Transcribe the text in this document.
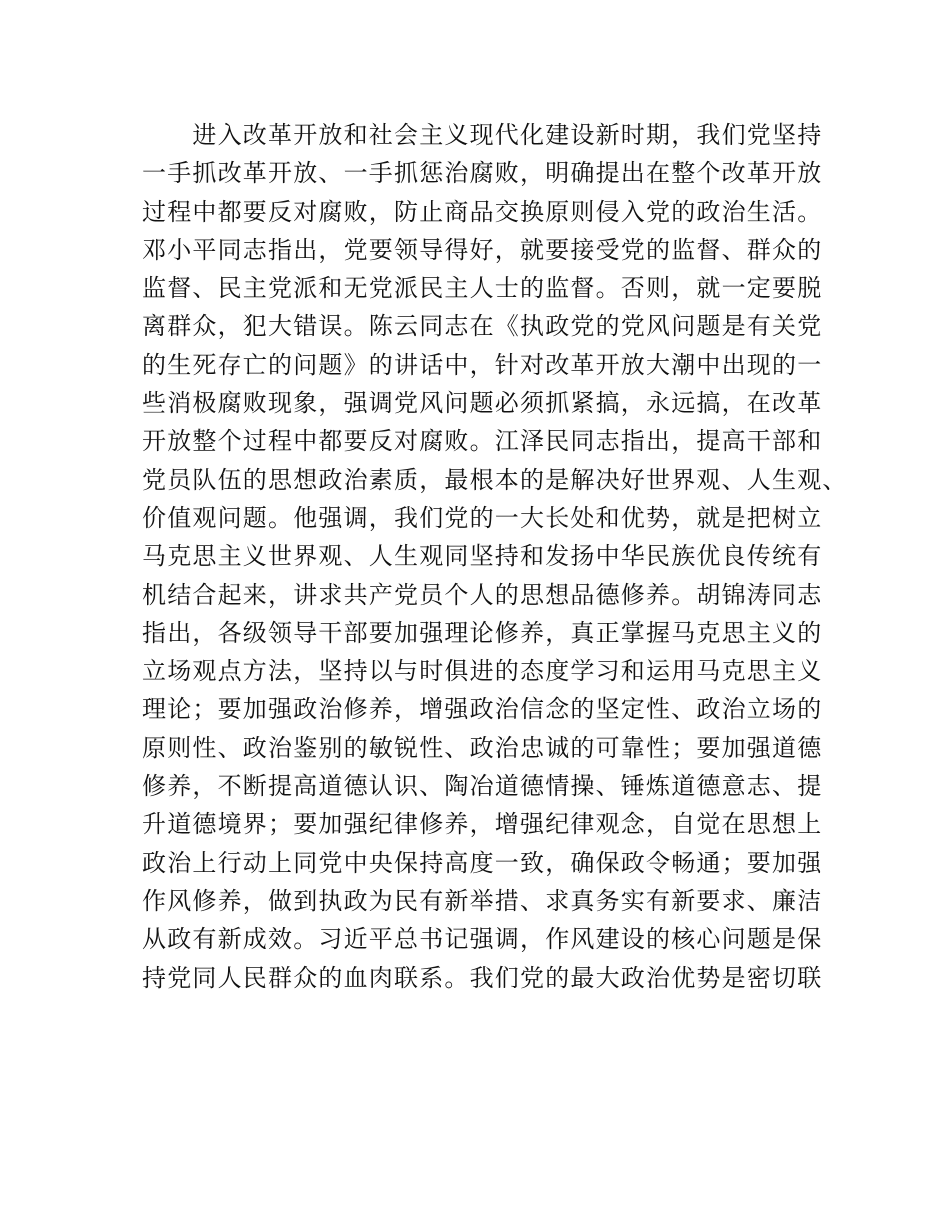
　　进入改革开放和社会主义现代化建设新时期，我们党坚持
一手抓改革开放、一手抓惩治腐败，明确提出在整个改革开放
过程中都要反对腐败，防止商品交换原则侵入党的政治生活。
邓小平同志指出，党要领导得好，就要接受党的监督、群众的
监督、民主党派和无党派民主人士的监督。否则，就一定要脱
离群众，犯大错误。陈云同志在《执政党的党风问题是有关党
的生死存亡的问题》的讲话中，针对改革开放大潮中出现的一
些消极腐败现象，强调党风问题必须抓紧搞，永远搞，在改革
开放整个过程中都要反对腐败。江泽民同志指出，提高干部和
党员队伍的思想政治素质，最根本的是解决好世界观、人生观、
价值观问题。他强调，我们党的一大长处和优势，就是把树立
马克思主义世界观、人生观同坚持和发扬中华民族优良传统有
机结合起来，讲求共产党员个人的思想品德修养。胡锦涛同志
指出，各级领导干部要加强理论修养，真正掌握马克思主义的
立场观点方法，坚持以与时俱进的态度学习和运用马克思主义
理论；要加强政治修养，增强政治信念的坚定性、政治立场的
原则性、政治鉴别的敏锐性、政治忠诚的可靠性；要加强道德
修养，不断提高道德认识、陶冶道德情操、锤炼道德意志、提
升道德境界；要加强纪律修养，增强纪律观念，自觉在思想上
政治上行动上同党中央保持高度一致，确保政令畅通；要加强
作风修养，做到执政为民有新举措、求真务实有新要求、廉洁
从政有新成效。习近平总书记强调，作风建设的核心问题是保
持党同人民群众的血肉联系。我们党的最大政治优势是密切联
